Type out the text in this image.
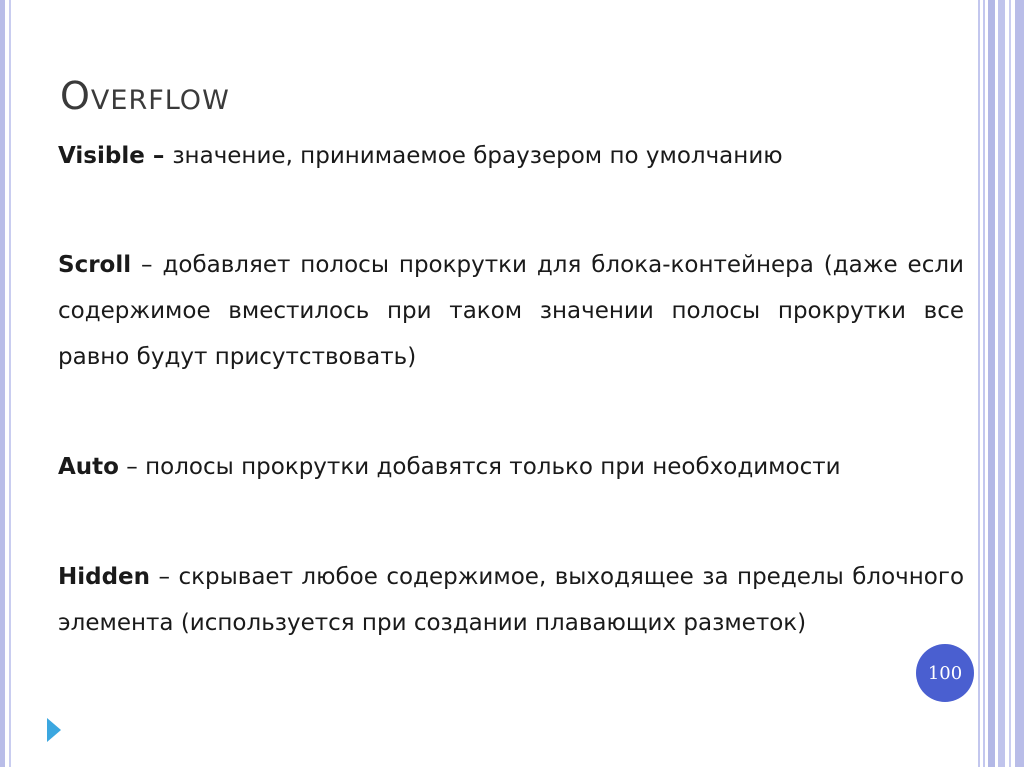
Overflow
Visible – значение, принимаемое браузером по умолчанию
Scroll – добавляет полосы прокрутки для блока-контейнера (даже если содержимое вместилось при таком значении полосы прокрутки все равно будут присутствовать)
Auto – полосы прокрутки добавятся только при необходимости
Hidden – скрывает любое содержимое, выходящее за пределы блочного элемента (используется при создании плавающих разметок)
100
